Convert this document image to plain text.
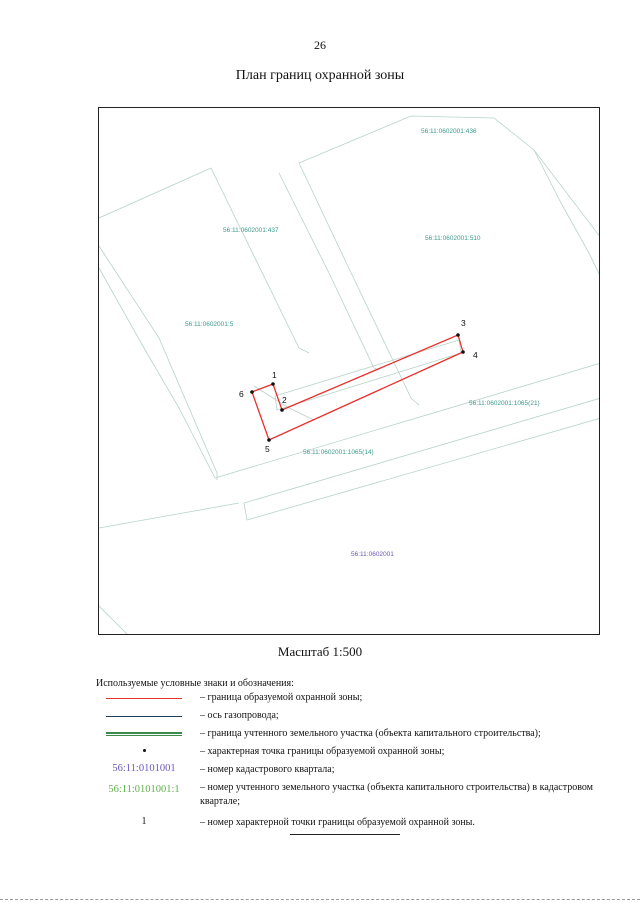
26
План границ охранной зоны
1
2
3
4
5
6
56:11:0602001:436
56:11:0602001:437
56:11:0602001:510
56:11:0602001:5
56:11:0602001:1065(21)
56:11:0602001:1065(14)
56:11:0602001
Масштаб 1:500
Используемые условные знаки и обозначения:
– граница образуемой охранной зоны;
– ось газопровода;
– граница учтенного земельного участка (объекта капитального строительства);
– характерная точка границы образуемой охранной зоны;
56:11:0101001	– номер кадастрового квартала;
56:11:0101001:1	– номер учтенного земельного участка (объекта капитального строительства) в кадастровом квартале;
1	– номер характерной точки границы образуемой охранной зоны.
